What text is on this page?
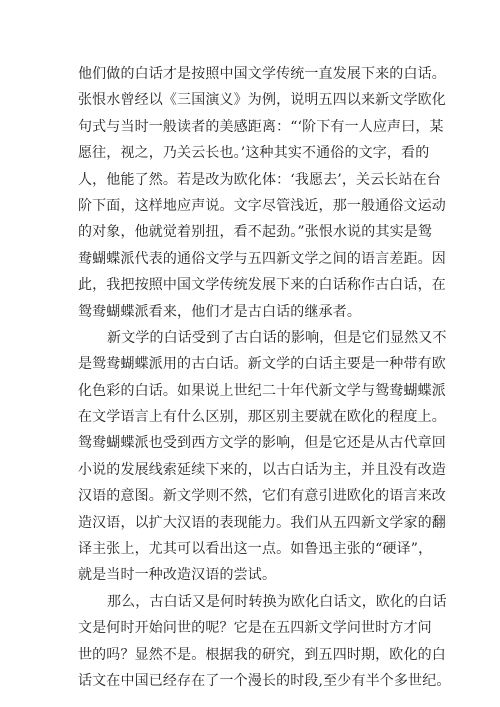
他们做的白话才是按照中国文学传统一直发展下来的白话。
张恨水曾经以《三国演义》为例，说明五四以来新文学欧化
句式与当时一般读者的美感距离：“‘阶下有一人应声曰，某
愿往，视之，乃关云长也。’这种其实不通俗的文字，看的
人，他能了然。若是改为欧化体：‘我愿去’，关云长站在台
阶下面，这样地应声说。文字尽管浅近，那一般通俗文运动
的对象，他就觉着别扭，看不起劲。”张恨水说的其实是鸳
鸯蝴蝶派代表的通俗文学与五四新文学之间的语言差距。因
此，我把按照中国文学传统发展下来的白话称作古白话，在
鸳鸯蝴蝶派看来，他们才是古白话的继承者。
新文学的白话受到了古白话的影响，但是它们显然又不
是鸳鸯蝴蝶派用的古白话。新文学的白话主要是一种带有欧
化色彩的白话。如果说上世纪二十年代新文学与鸳鸯蝴蝶派
在文学语言上有什么区别，那区别主要就在欧化的程度上。
鸳鸯蝴蝶派也受到西方文学的影响，但是它还是从古代章回
小说的发展线索延续下来的，以古白话为主，并且没有改造
汉语的意图。新文学则不然，它们有意引进欧化的语言来改
造汉语，以扩大汉语的表现能力。我们从五四新文学家的翻
译主张上，尤其可以看出这一点。如鲁迅主张的“硬译”，
就是当时一种改造汉语的尝试。
那么，古白话又是何时转换为欧化白话文，欧化的白话
文是何时开始问世的呢？它是在五四新文学问世时方才问
世的吗？显然不是。根据我的研究，到五四时期，欧化的白
话文在中国已经存在了一个漫长的时段,至少有半个多世纪。
